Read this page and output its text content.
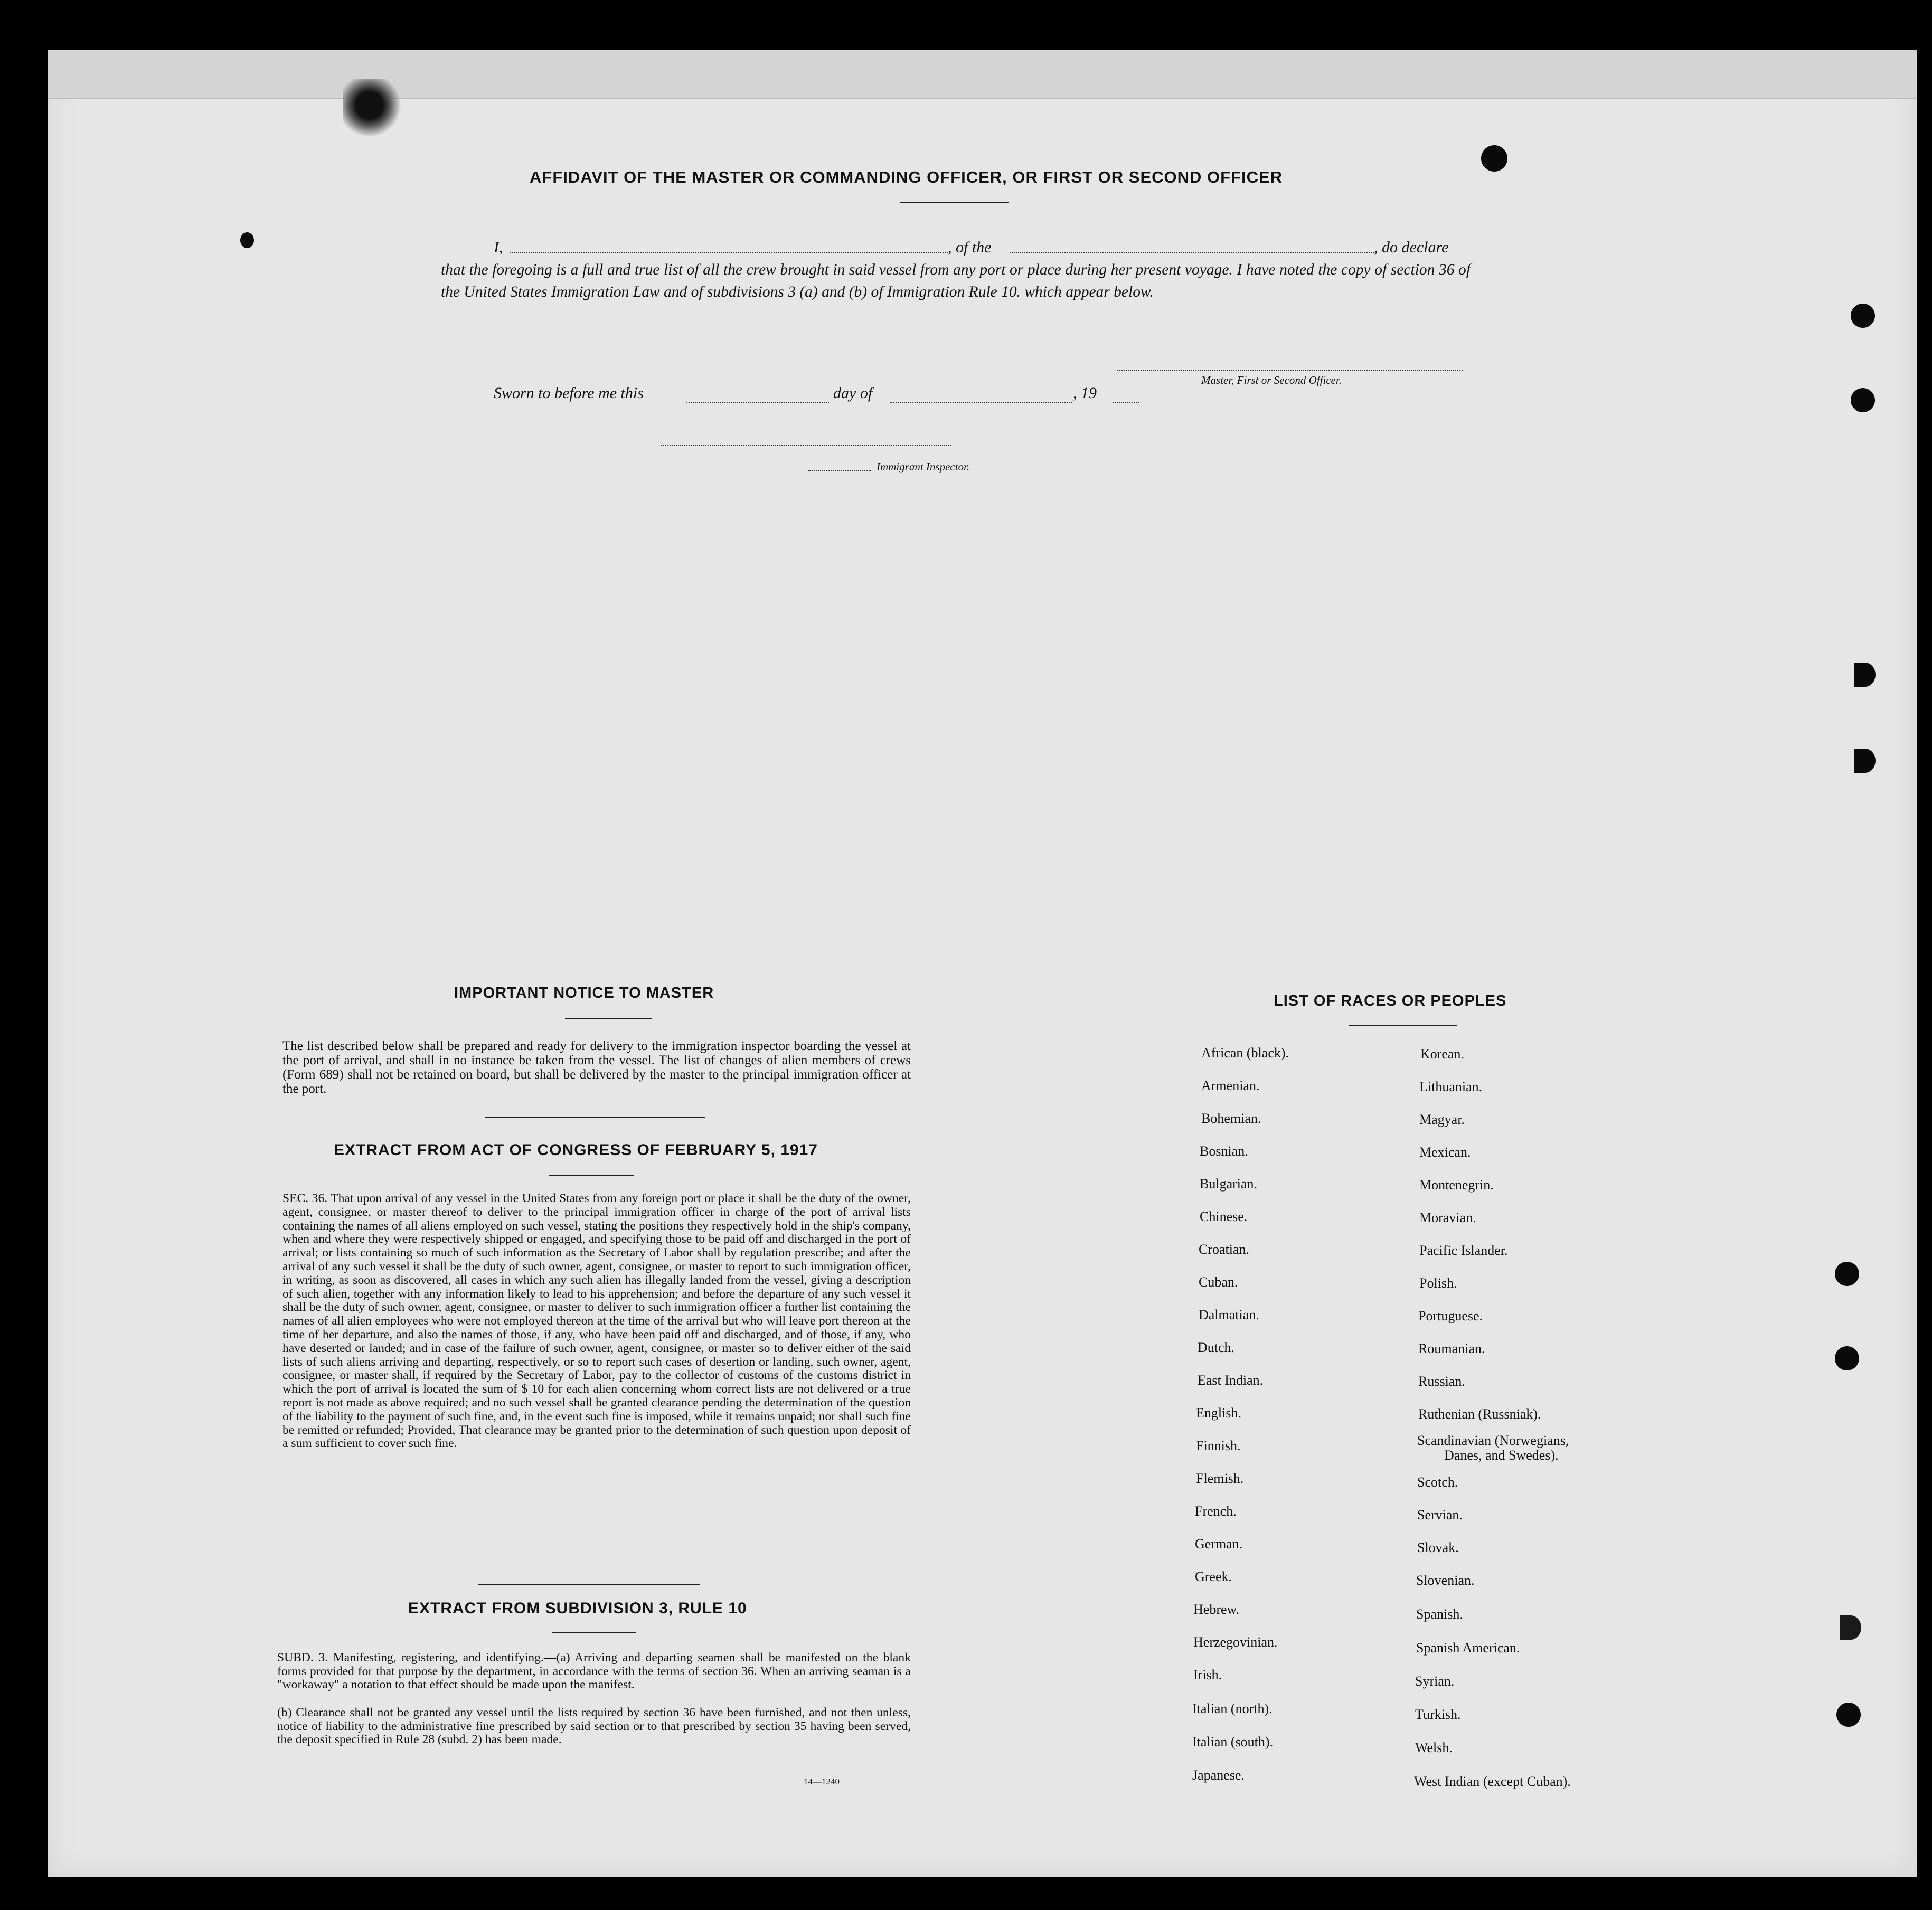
AFFIDAVIT OF THE MASTER OR COMMANDING OFFICER, OR FIRST OR SECOND OFFICER
I,	, of the	, do declare
that the foregoing is a full and true list of all the crew brought in said vessel from any port or place during her present voyage. I have noted the copy of section 36 of the United States Immigration Law and of subdivisions 3 (a) and (b) of Immigration Rule 10. which appear below.
Master, First or Second Officer.
Sworn to before me this	day of	, 19
Immigrant Inspector.
IMPORTANT NOTICE TO MASTER
The list described below shall be prepared and ready for delivery to the immigration inspector boarding the vessel at the port of arrival, and shall in no instance be taken from the vessel. The list of changes of alien members of crews (Form 689) shall not be retained on board, but shall be delivered by the master to the principal immigration officer at the port.
EXTRACT FROM ACT OF CONGRESS OF FEBRUARY 5, 1917
SEC. 36. That upon arrival of any vessel in the United States from any foreign port or place it shall be the duty of the owner, agent, consignee, or master thereof to deliver to the principal immigration officer in charge of the port of arrival lists containing the names of all aliens employed on such vessel, stating the positions they respectively hold in the ship's company, when and where they were respectively shipped or engaged, and specifying those to be paid off and discharged in the port of arrival; or lists containing so much of such information as the Secretary of Labor shall by regulation prescribe; and after the arrival of any such vessel it shall be the duty of such owner, agent, consignee, or master to report to such immigration officer, in writing, as soon as discovered, all cases in which any such alien has illegally landed from the vessel, giving a description of such alien, together with any information likely to lead to his apprehension; and before the departure of any such vessel it shall be the duty of such owner, agent, consignee, or master to deliver to such immigration officer a further list containing the names of all alien employees who were not employed thereon at the time of the arrival but who will leave port thereon at the time of her departure, and also the names of those, if any, who have been paid off and discharged, and of those, if any, who have deserted or landed; and in case of the failure of such owner, agent, consignee, or master so to deliver either of the said lists of such aliens arriving and departing, respectively, or so to report such cases of desertion or landing, such owner, agent, consignee, or master shall, if required by the Secretary of Labor, pay to the collector of customs of the customs district in which the port of arrival is located the sum of $ 10 for each alien concerning whom correct lists are not delivered or a true report is not made as above required; and no such vessel shall be granted clearance pending the determination of the question of the liability to the payment of such fine, and, in the event such fine is imposed, while it remains unpaid; nor shall such fine be remitted or refunded; Provided, That clearance may be granted prior to the determination of such question upon deposit of a sum sufficient to cover such fine.
EXTRACT FROM SUBDIVISION 3, RULE 10
SUBD. 3. Manifesting, registering, and identifying.—(a) Arriving and departing seamen shall be manifested on the blank forms provided for that purpose by the department, in accordance with the terms of section 36. When an arriving seaman is a "workaway" a notation to that effect should be made upon the manifest.
(b) Clearance shall not be granted any vessel until the lists required by section 36 have been furnished, and not then unless, notice of liability to the administrative fine prescribed by said section or to that prescribed by section 35 having been served, the deposit specified in Rule 28 (subd. 2) has been made.
14—1240
LIST OF RACES OR PEOPLES
African (black).
Armenian.
Bohemian.
Bosnian.
Bulgarian.
Chinese.
Croatian.
Cuban.
Dalmatian.
Dutch.
East Indian.
English.
Finnish.
Flemish.
French.
German.
Greek.
Hebrew.
Herzegovinian.
Irish.
Italian (north).
Italian (south).
Japanese.
Korean.
Lithuanian.
Magyar.
Mexican.
Montenegrin.
Moravian.
Pacific Islander.
Polish.
Portuguese.
Roumanian.
Russian.
Ruthenian (Russniak).
Scandinavian (Norwegians,
Danes, and Swedes).
Scotch.
Servian.
Slovak.
Slovenian.
Spanish.
Spanish American.
Syrian.
Turkish.
Welsh.
West Indian (except Cuban).
